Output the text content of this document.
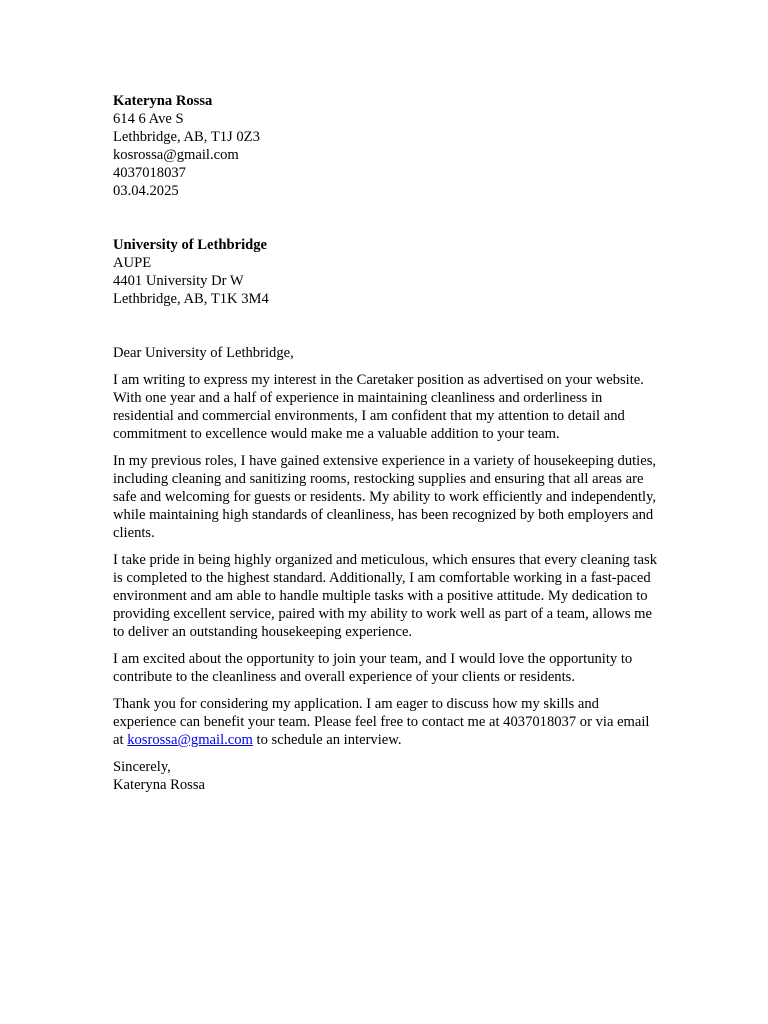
Kateryna Rossa
614 6 Ave S
Lethbridge, AB, T1J 0Z3
kosrossa@gmail.com
4037018037
03.04.2025
University of Lethbridge
AUPE
4401 University Dr W
Lethbridge, AB, T1K 3M4
Dear University of Lethbridge,

I am writing to express my interest in the Caretaker position as advertised on your website. With one year and a half of experience in maintaining cleanliness and orderliness in residential and commercial environments, I am confident that my attention to detail and commitment to excellence would make me a valuable addition to your team.

In my previous roles, I have gained extensive experience in a variety of housekeeping duties, including cleaning and sanitizing rooms, restocking supplies and ensuring that all areas are safe and welcoming for guests or residents. My ability to work efficiently and independently, while maintaining high standards of cleanliness, has been recognized by both employers and clients.

I take pride in being highly organized and meticulous, which ensures that every cleaning task is completed to the highest standard. Additionally, I am comfortable working in a fast-paced environment and am able to handle multiple tasks with a positive attitude. My dedication to providing excellent service, paired with my ability to work well as part of a team, allows me to deliver an outstanding housekeeping experience.

I am excited about the opportunity to join your team, and I would love the opportunity to contribute to the cleanliness and overall experience of your clients or residents.

Thank you for considering my application. I am eager to discuss how my skills and experience can benefit your team. Please feel free to contact me at 4037018037 or via email at kosrossa@gmail.com to schedule an interview.

Sincerely,
Kateryna Rossa
